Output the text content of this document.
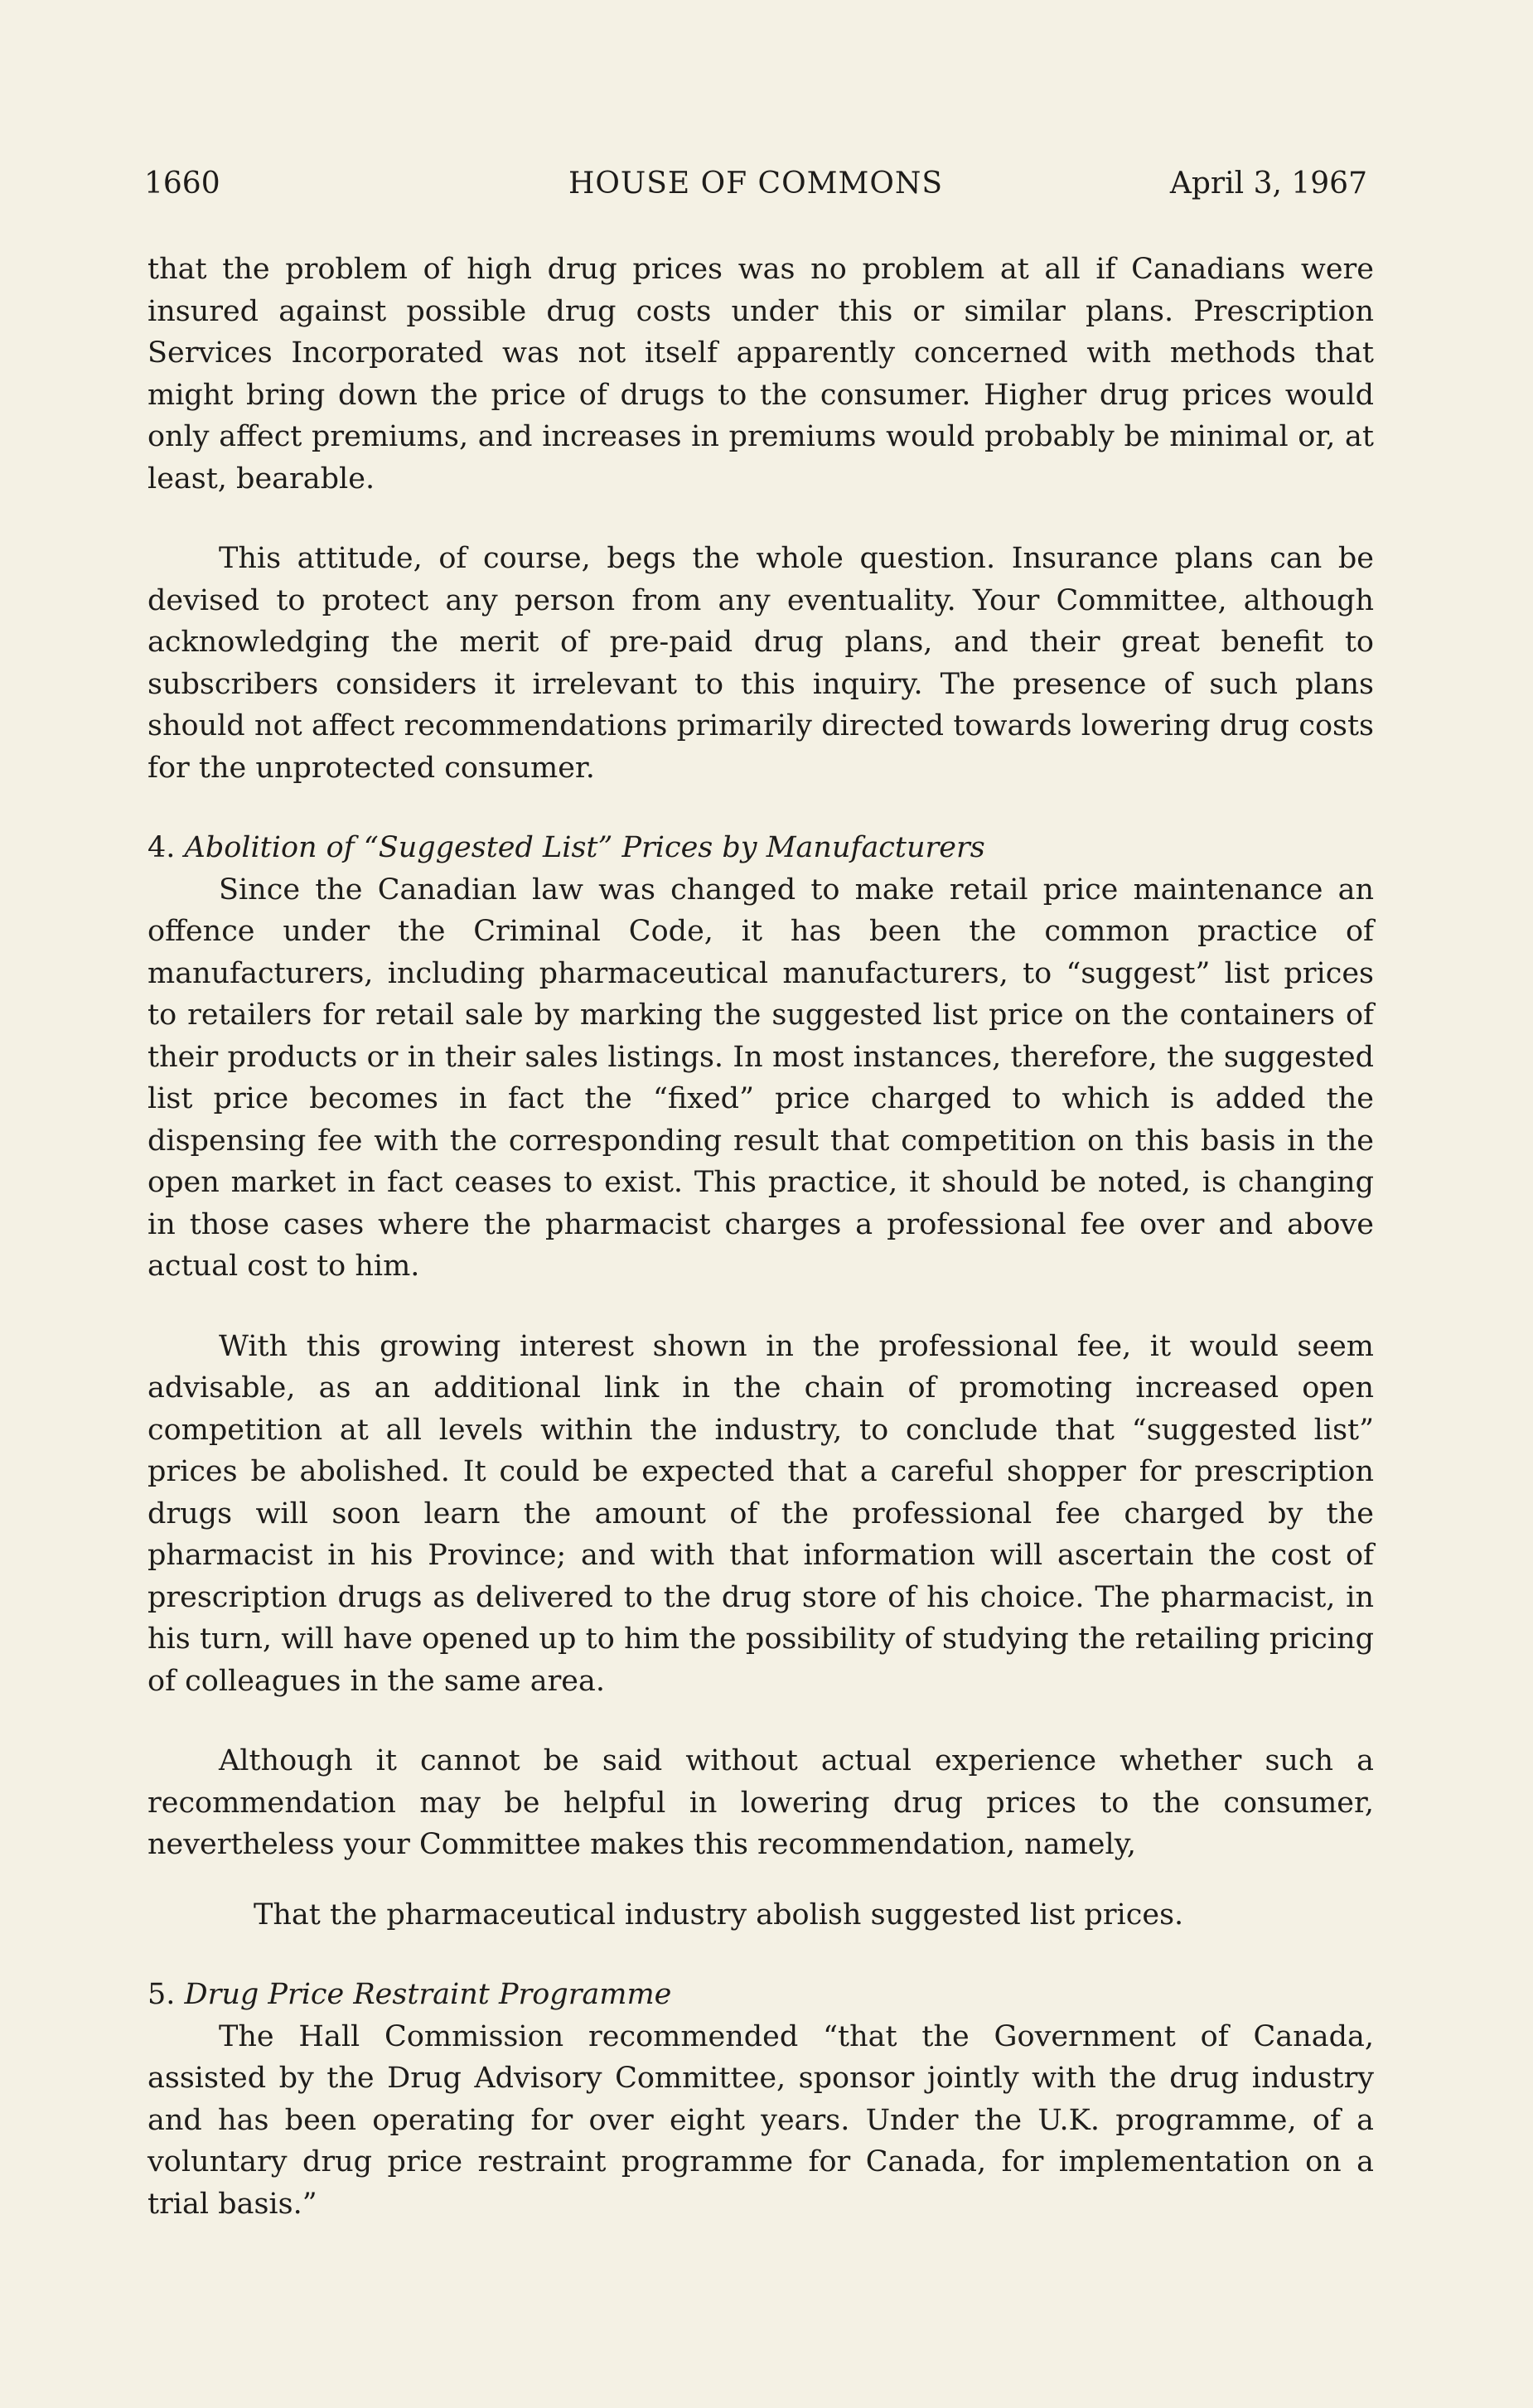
1660	HOUSE OF COMMONS	April 3, 1967

that the problem of high drug prices was no problem at all if Canadians were insured against possible drug costs under this or similar plans. Prescription Services Incorporated was not itself apparently concerned with methods that might bring down the price of drugs to the consumer. Higher drug prices would only affect premiums, and increases in premiums would probably be minimal or, at least, bearable.

This attitude, of course, begs the whole question. Insurance plans can be devised to protect any person from any eventuality. Your Committee, although acknowledging the merit of pre-paid drug plans, and their great benefit to subscribers considers it irrelevant to this inquiry. The presence of such plans should not affect recommendations primarily directed towards lowering drug costs for the unprotected consumer.

4. Abolition of “Suggested List” Prices by Manufacturers

Since the Canadian law was changed to make retail price maintenance an offence under the Criminal Code, it has been the common practice of manufacturers, including pharmaceutical manufacturers, to “suggest” list prices to retailers for retail sale by marking the suggested list price on the containers of their products or in their sales listings. In most instances, therefore, the suggested list price becomes in fact the “fixed” price charged to which is added the dispensing fee with the corresponding result that competition on this basis in the open market in fact ceases to exist. This practice, it should be noted, is changing in those cases where the pharmacist charges a professional fee over and above actual cost to him.

With this growing interest shown in the professional fee, it would seem advisable, as an additional link in the chain of promoting increased open competition at all levels within the industry, to conclude that “suggested list” prices be abolished. It could be expected that a careful shopper for prescription drugs will soon learn the amount of the professional fee charged by the pharmacist in his Province; and with that information will ascertain the cost of prescription drugs as delivered to the drug store of his choice. The pharmacist, in his turn, will have opened up to him the possibility of studying the retailing pricing of colleagues in the same area.

Although it cannot be said without actual experience whether such a recommendation may be helpful in lowering drug prices to the consumer, nevertheless your Committee makes this recommendation, namely,

That the pharmaceutical industry abolish suggested list prices.

5. Drug Price Restraint Programme

The Hall Commission recommended “that the Government of Canada, assisted by the Drug Advisory Committee, sponsor jointly with the drug industry and has been operating for over eight years. Under the U.K. programme, of a voluntary drug price restraint programme for Canada, for implementation on a trial basis.”
